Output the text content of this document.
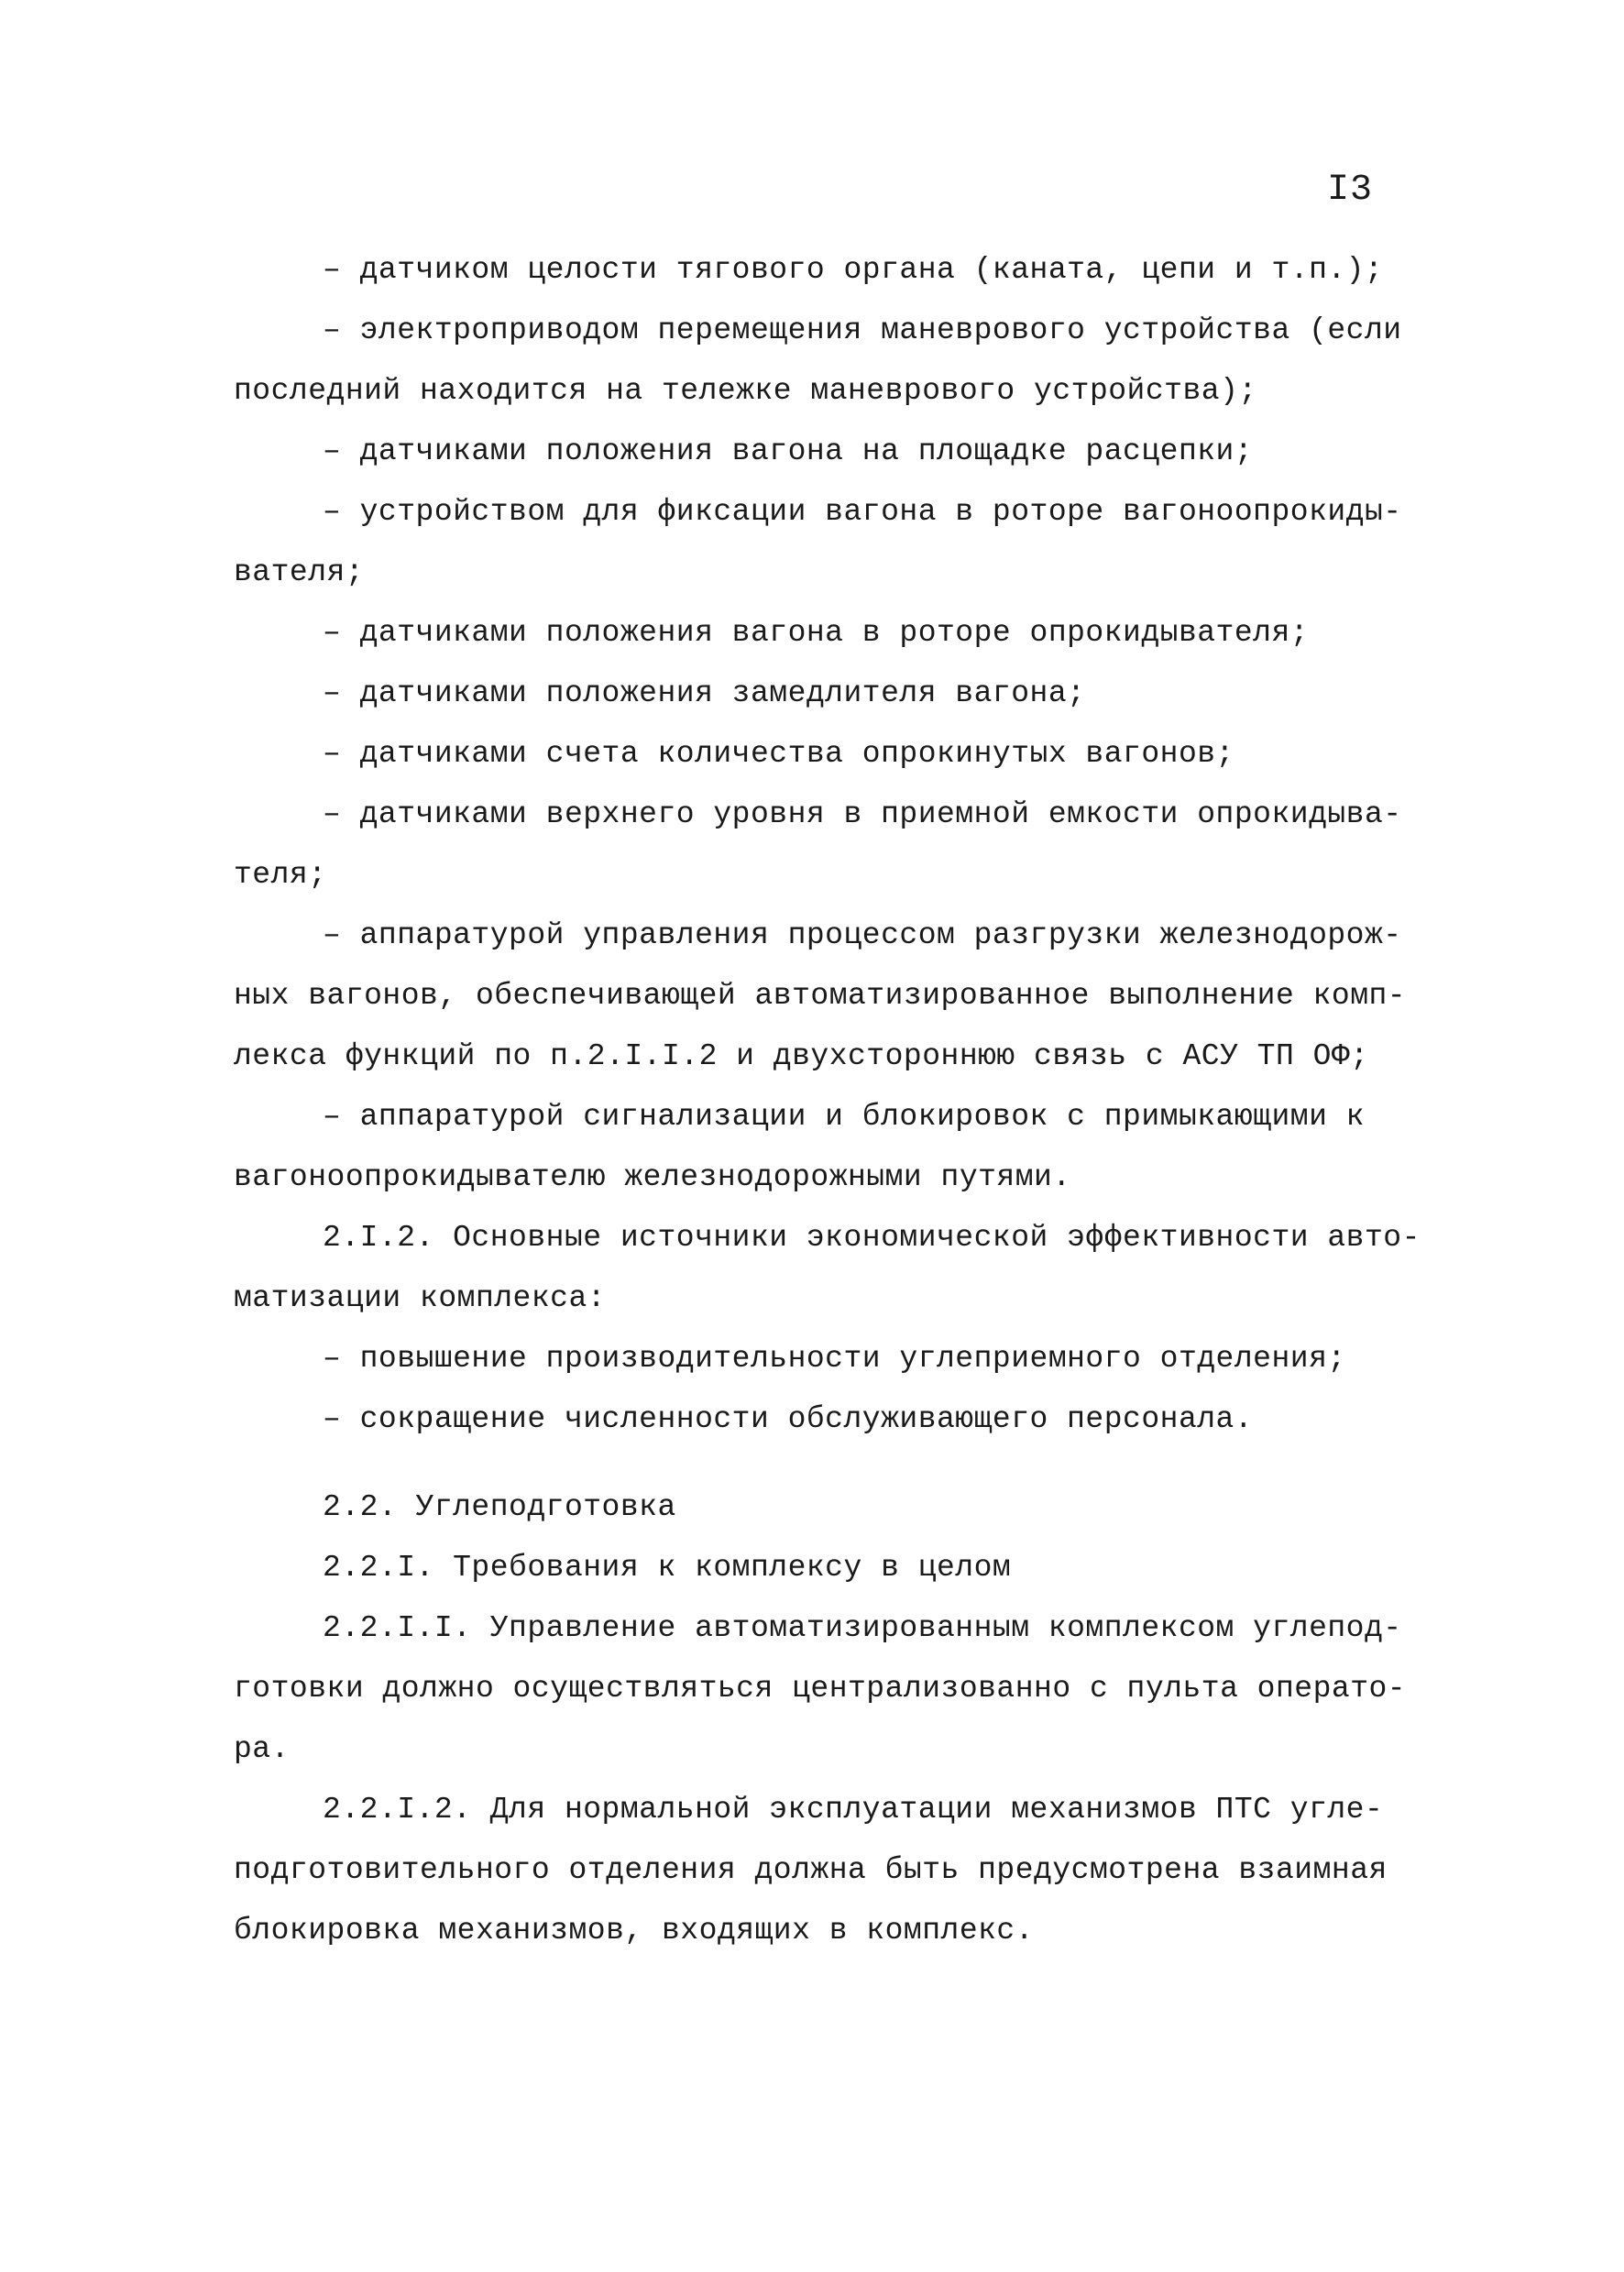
I3
– датчиком целости тягового органа (каната, цепи и т.п.);
– электроприводом перемещения маневрового устройства (если
последний находится на тележке маневрового устройства);
– датчиками положения вагона на площадке расцепки;
– устройством для фиксации вагона в роторе вагоноопрокиды-
вателя;
– датчиками положения вагона в роторе опрокидывателя;
– датчиками положения замедлителя вагона;
– датчиками счета количества опрокинутых вагонов;
– датчиками верхнего уровня в приемной емкости опрокидыва-
теля;
– аппаратурой управления процессом разгрузки железнодорож-
ных вагонов, обеспечивающей автоматизированное выполнение комп-
лекса функций по п.2.I.I.2 и двухстороннюю связь с АСУ ТП ОФ;
– аппаратурой сигнализации и блокировок с примыкающими к
вагоноопрокидывателю железнодорожными путями.
2.I.2. Основные источники экономической эффективности авто-
матизации комплекса:
– повышение производительности углеприемного отделения;
– сокращение численности обслуживающего персонала.
2.2. Углеподготовка
2.2.I. Требования к комплексу в целом
2.2.I.I. Управление автоматизированным комплексом углепод-
готовки должно осуществляться централизованно с пульта операто-
ра.
2.2.I.2. Для нормальной эксплуатации механизмов ПТС угле-
подготовительного отделения должна быть предусмотрена взаимная
блокировка механизмов, входящих в комплекс.
